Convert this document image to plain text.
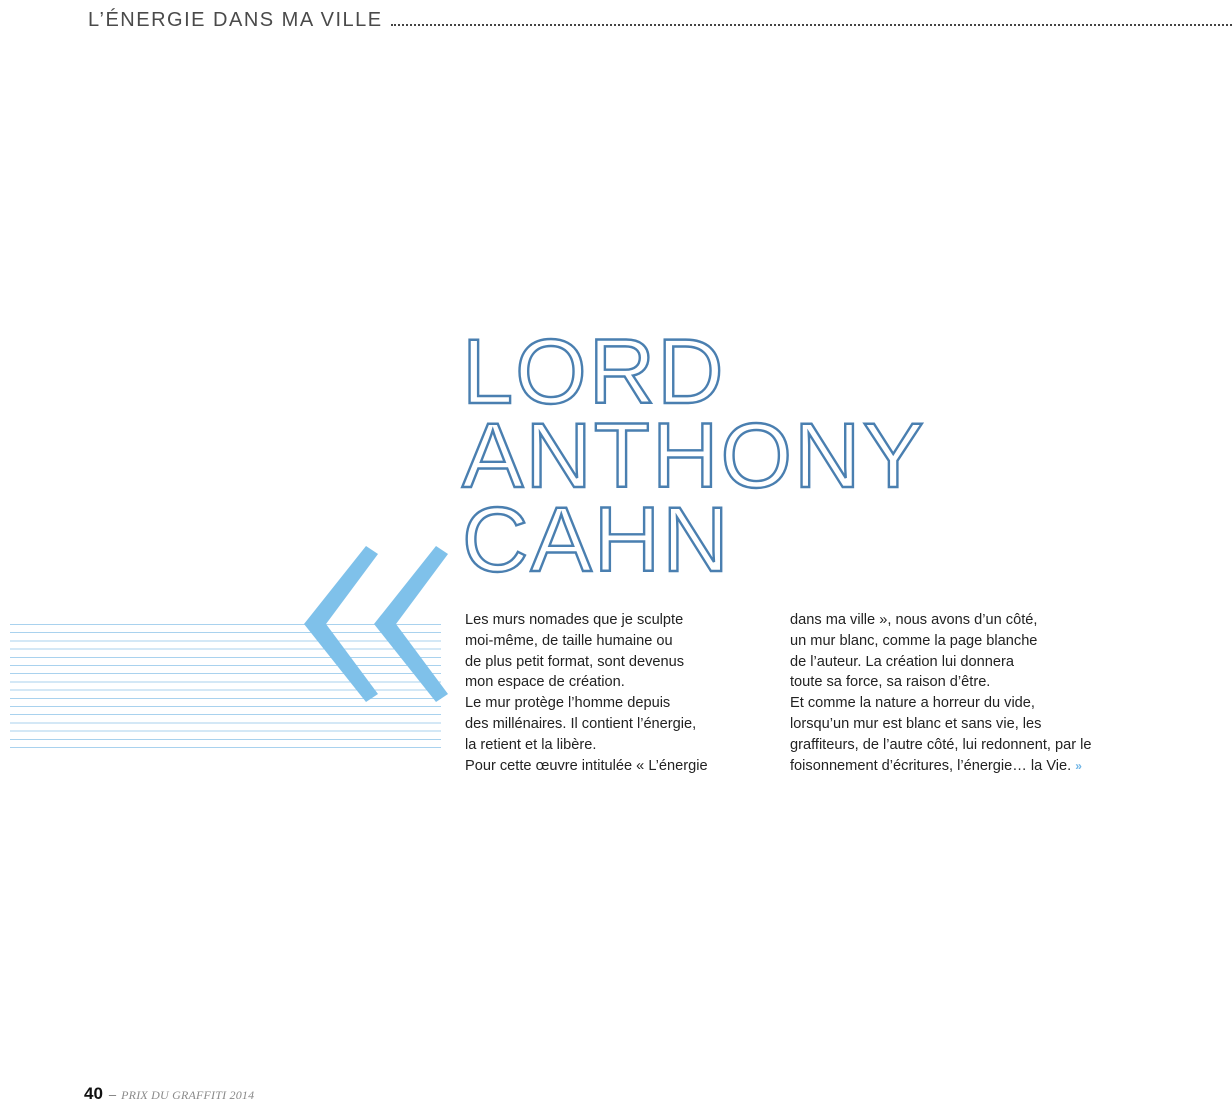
L’ÉNERGIE DANS MA VILLE
LORD
ANTHONY
CAHN
Les murs nomades que je sculpte
moi-même, de taille humaine ou
de plus petit format, sont devenus
mon espace de création.
Le mur protège l’homme depuis
des millénaires. Il contient l’énergie,
la retient et la libère.
Pour cette œuvre intitulée « L’énergie
dans ma ville », nous avons d’un côté,
un mur blanc, comme la page blanche
de l’auteur. La création lui donnera
toute sa force, sa raison d’être.
Et comme la nature a horreur du vide,
lorsqu’un mur est blanc et sans vie, les
graffiteurs, de l’autre côté, lui redonnent, par le
foisonnement d’écritures, l’énergie… la Vie. »
40 – PRIX DU GRAFFITI 2014
